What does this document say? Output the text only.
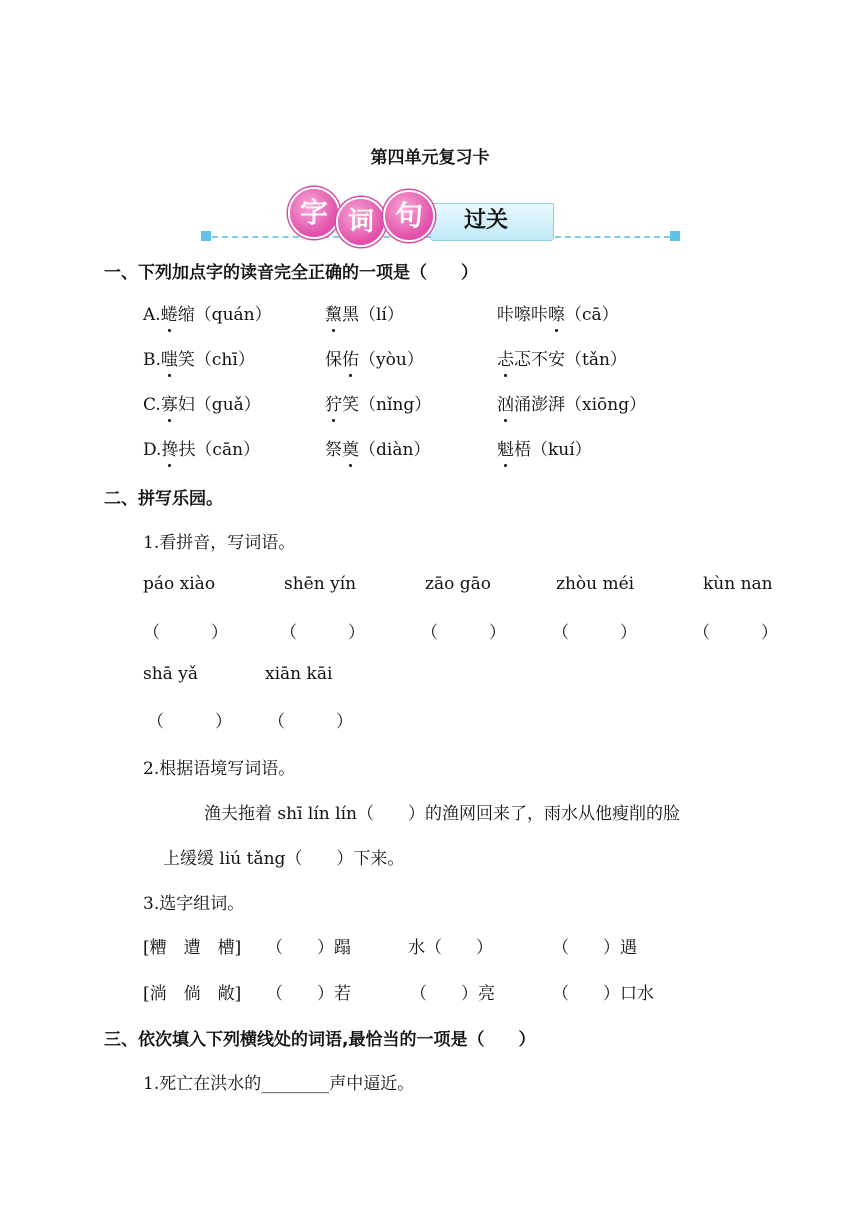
第四单元复习卡
过关
字 词 句
一、下列加点字的读音完全正确的一项是（　　）
A.蜷缩（quán）	黧黑（lí）	咔嚓咔嚓（cā）
B.嗤笑（chī）	保佑（yòu）	忐忑不安（tǎn）
C.寡妇（guǎ）	狞笑（nǐng）	汹涌澎湃（xiōng）
D.搀扶（cān）	祭奠（diàn）	魁梧（kuí）
二、拼写乐园。
1.看拼音，写词语。
páo xiào	shēn yín	zāo gāo	zhòu méi	kùn nan
（　　　）	（　　　）	（　　　）	（　　　）	（　　　）
shā yǎ	xiān kāi
（　　　） （　　　）
2.根据语境写词语。
渔夫拖着 shī lín lín（　　）的渔网回来了，雨水从他瘦削的脸
上缓缓 liú tǎng（　　）下来。
3.选字组词。
[糟　遭　槽] （　　）蹋	水（　　）	（　　）遇
[淌　倘　敞] （　　）若	（　　）亮	（　　）口水
三、依次填入下列横线处的词语,最恰当的一项是（　　）
1.死亡在洪水的________声中逼近。
